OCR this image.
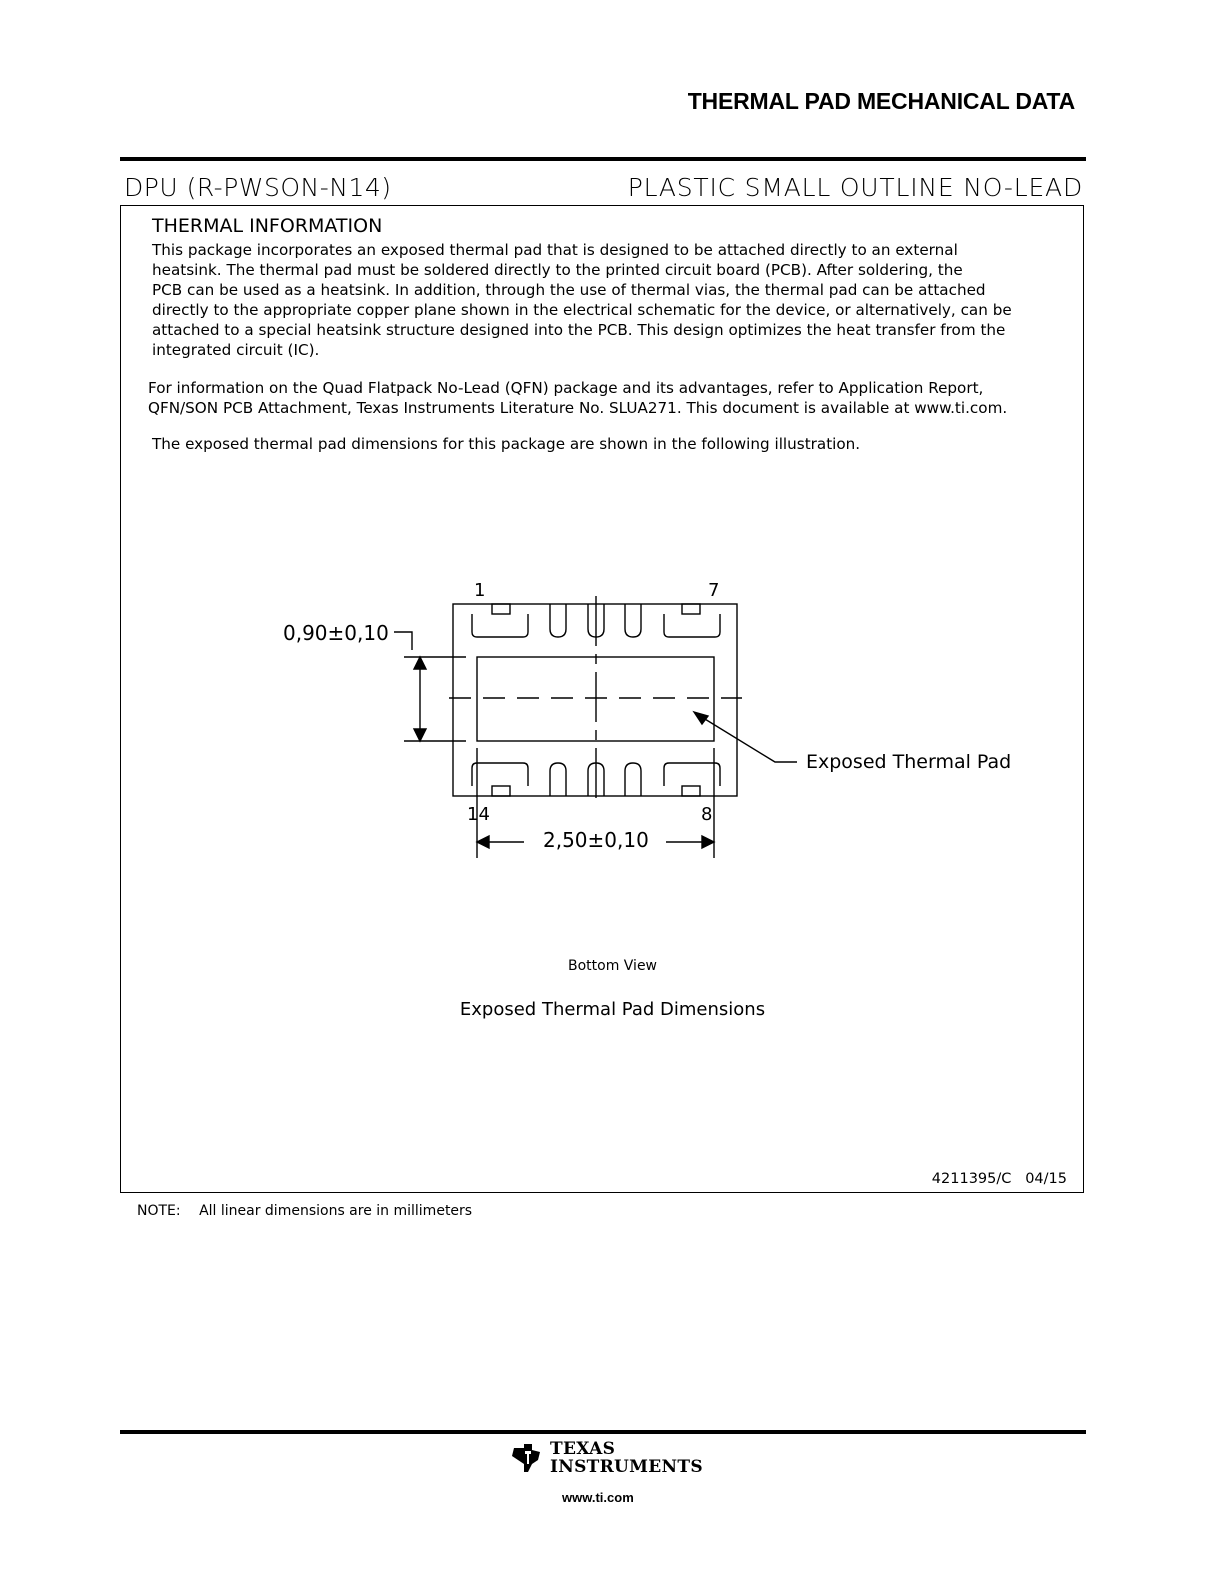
THERMAL PAD MECHANICAL DATA
DPU (R-PWSON-N14)	PLASTIC SMALL OUTLINE NO-LEAD
THERMAL INFORMATION
This package incorporates an exposed thermal pad that is designed to be attached directly to an external
heatsink. The thermal pad must be soldered directly to the printed circuit board (PCB). After soldering, the
PCB can be used as a heatsink. In addition, through the use of thermal vias, the thermal pad can be attached
directly to the appropriate copper plane shown in the electrical schematic for the device, or alternatively, can be
attached to a special heatsink structure designed into the PCB. This design optimizes the heat transfer from the
integrated circuit (IC).
For information on the Quad Flatpack No-Lead (QFN) package and its advantages, refer to Application Report,
QFN/SON PCB Attachment, Texas Instruments Literature No. SLUA271. This document is available at www.ti.com.
The exposed thermal pad dimensions for this package are shown in the following illustration.
1	7
14	8
0,90±0,10
2,50±0,10
Exposed Thermal Pad
Bottom View
Exposed Thermal Pad Dimensions
4211395/C   04/15
NOTE: All linear dimensions are in millimeters
TEXAS
INSTRUMENTS
www.ti.com
